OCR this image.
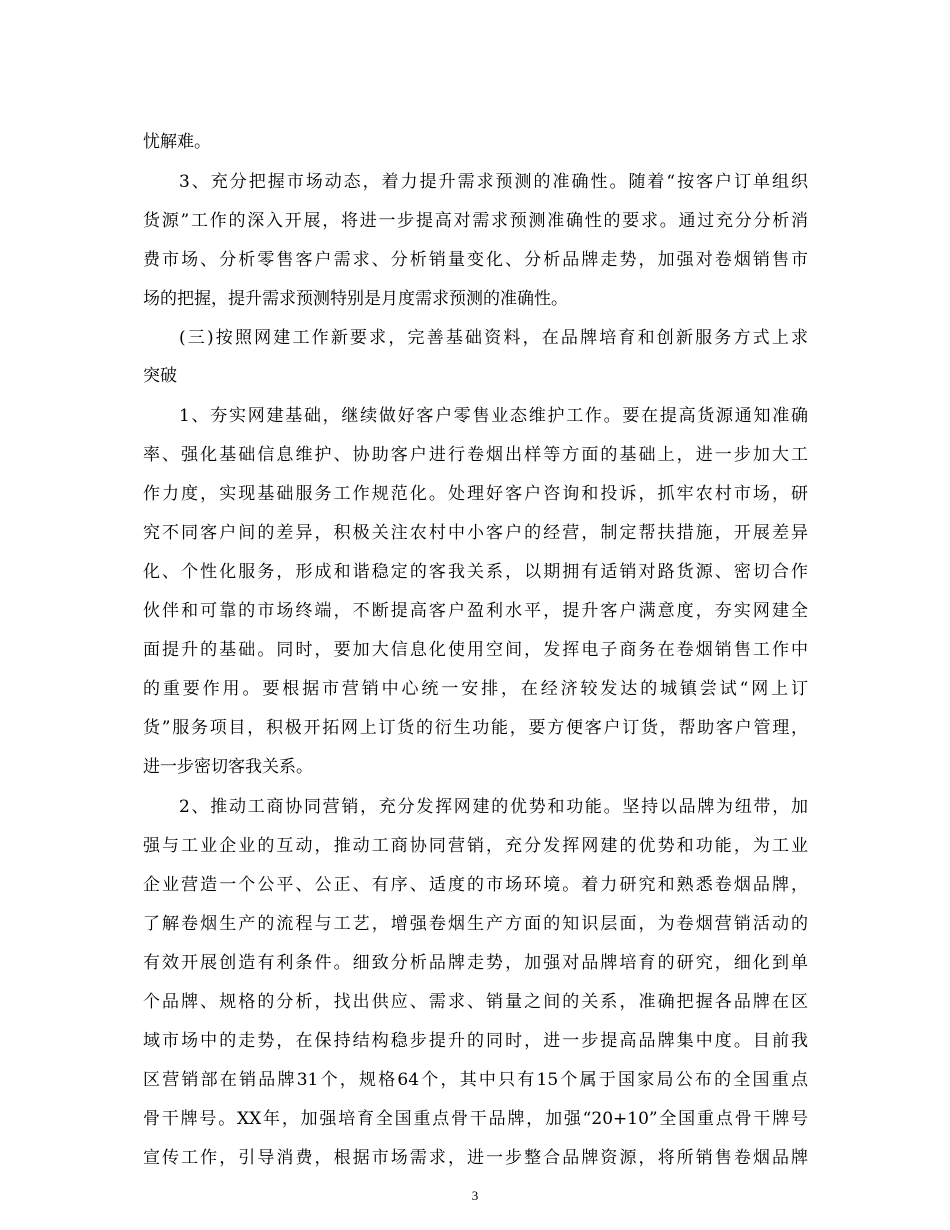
忧解难。
3、充分把握市场动态，着力提升需求预测的准确性。随着“按客户订单组织
货源”工作的深入开展，将进一步提高对需求预测准确性的要求。通过充分分析消
费市场、分析零售客户需求、分析销量变化、分析品牌走势，加强对卷烟销售市
场的把握，提升需求预测特别是月度需求预测的准确性。
(三)按照网建工作新要求，完善基础资料，在品牌培育和创新服务方式上求
突破
1、夯实网建基础，继续做好客户零售业态维护工作。要在提高货源通知准确
率、强化基础信息维护、协助客户进行卷烟出样等方面的基础上，进一步加大工
作力度，实现基础服务工作规范化。处理好客户咨询和投诉，抓牢农村市场，研
究不同客户间的差异，积极关注农村中小客户的经营，制定帮扶措施，开展差异
化、个性化服务，形成和谐稳定的客我关系，以期拥有适销对路货源、密切合作
伙伴和可靠的市场终端，不断提高客户盈利水平，提升客户满意度，夯实网建全
面提升的基础。同时，要加大信息化使用空间，发挥电子商务在卷烟销售工作中
的重要作用。要根据市营销中心统一安排，在经济较发达的城镇尝试“网上订
货”服务项目，积极开拓网上订货的衍生功能，要方便客户订货，帮助客户管理，
进一步密切客我关系。
2、推动工商协同营销，充分发挥网建的优势和功能。坚持以品牌为纽带，加
强与工业企业的互动，推动工商协同营销，充分发挥网建的优势和功能，为工业
企业营造一个公平、公正、有序、适度的市场环境。着力研究和熟悉卷烟品牌，
了解卷烟生产的流程与工艺，增强卷烟生产方面的知识层面，为卷烟营销活动的
有效开展创造有利条件。细致分析品牌走势，加强对品牌培育的研究，细化到单
个品牌、规格的分析，找出供应、需求、销量之间的关系，准确把握各品牌在区
域市场中的走势，在保持结构稳步提升的同时，进一步提高品牌集中度。目前我
区营销部在销品牌31个，规格64个，其中只有15个属于国家局公布的全国重点
骨干牌号。XX年，加强培育全国重点骨干品牌，加强“20+10”全国重点骨干牌号
宣传工作，引导消费，根据市场需求，进一步整合品牌资源，将所销售卷烟品牌
3
